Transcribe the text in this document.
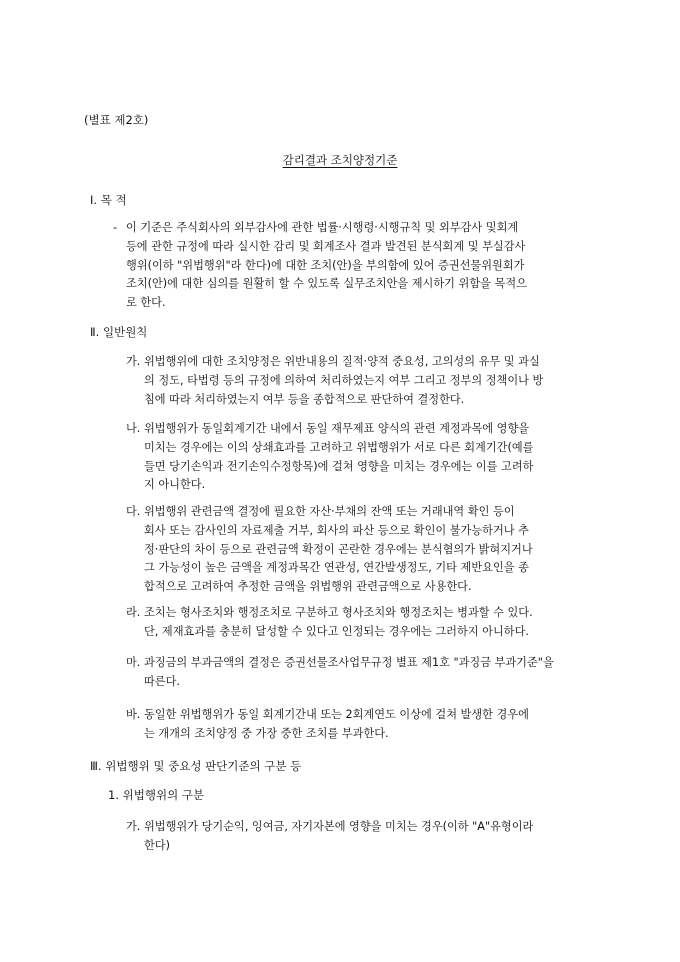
(별표 제2호)
감리결과 조치양정기준
Ⅰ. 목 적
- 이 기준은 주식회사의 외부감사에 관한 법률·시행령·시행규칙 및 외부감사 및회계
등에 관한 규정에 따라 실시한 감리 및 회계조사 결과 발견된 분식회계 및 부실감사
행위(이하 "위법행위"라 한다)에 대한 조치(안)을 부의함에 있어 증권선물위원회가
조치(안)에 대한 심의를 원활히 할 수 있도록 실무조치안을 제시하기 위함을 목적으
로 한다.
Ⅱ. 일반원칙
가. 위법행위에 대한 조치양정은 위반내용의 질적·양적 중요성, 고의성의 유무 및 과실
의 정도, 타법령 등의 규정에 의하여 처리하였는지 여부 그리고 정부의 정책이나 방
침에 따라 처리하였는지 여부 등을 종합적으로 판단하여 결정한다.
나. 위법행위가 동일회계기간 내에서 동일 재무제표 양식의 관련 계정과목에 영향을
미치는 경우에는 이의 상쇄효과를 고려하고 위법행위가 서로 다른 회계기간(예를
들면 당기손익과 전기손익수정항목)에 걸쳐 영향을 미치는 경우에는 이를 고려하
지 아니한다.
다. 위법행위 관련금액 결정에 필요한 자산·부채의 잔액 또는 거래내역 확인 등이
회사 또는 감사인의 자료제출 거부, 회사의 파산 등으로 확인이 불가능하거나 추
정·판단의 차이 등으로 관련금액 확정이 곤란한 경우에는 분식혐의가 밝혀지거나
그 가능성이 높은 금액을 계정과목간 연관성, 연간발생정도, 기타 제반요인을 종
합적으로 고려하여 추정한 금액을 위법행위 관련금액으로 사용한다.
라. 조치는 형사조치와 행정조치로 구분하고 형사조치와 행정조치는 병과할 수 있다.
단, 제재효과를 충분히 달성할 수 있다고 인정되는 경우에는 그러하지 아니하다.
마. 과징금의 부과금액의 결정은 증권선물조사업무규정 별표 제1호 "과징금 부과기준"을
따른다.
바. 동일한 위법행위가 동일 회계기간내 또는 2회계연도 이상에 걸쳐 발생한 경우에
는 개개의 조치양정 중 가장 중한 조치를 부과한다.
Ⅲ. 위법행위 및 중요성 판단기준의 구분 등
1. 위법행위의 구분
가. 위법행위가 당기순익, 잉여금, 자기자본에 영향을 미치는 경우(이하 "A"유형이라
한다)
